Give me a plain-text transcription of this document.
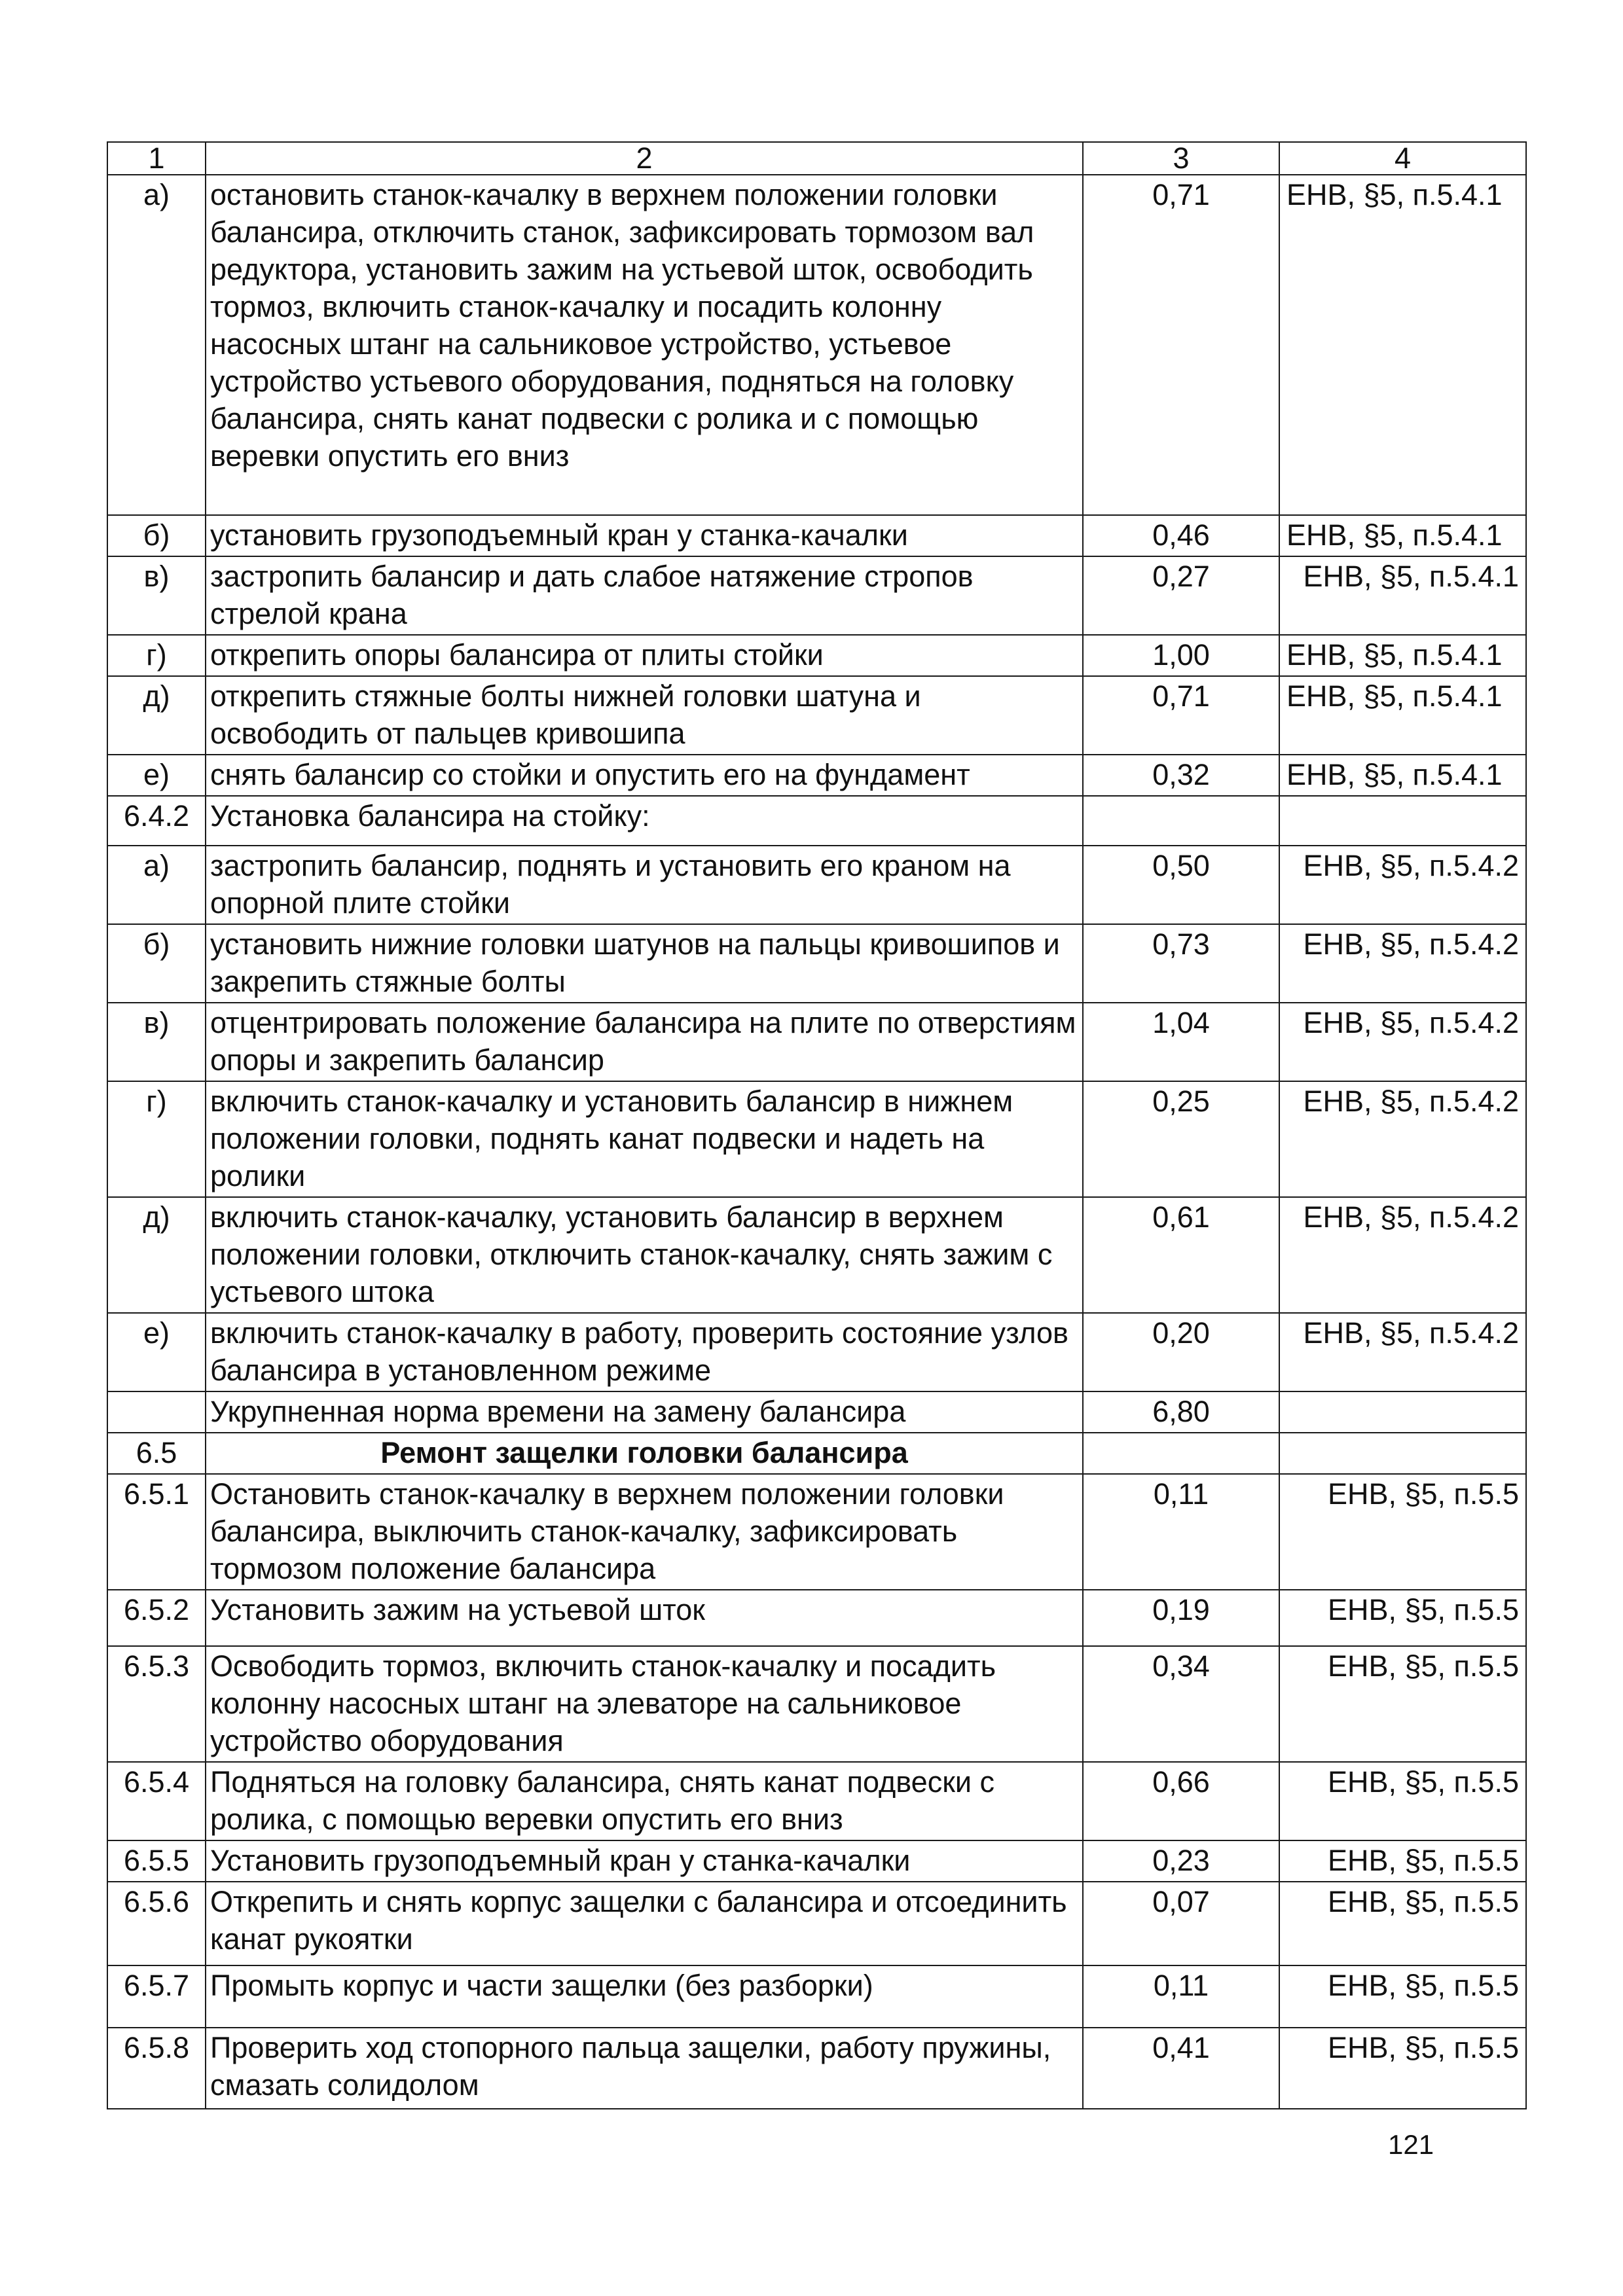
1	2	3	4
а)	остановить станок-качалку в верхнем положении головки балансира, отключить станок, зафиксировать тормозом вал редуктора, установить зажим на устьевой шток, освободить тормоз, включить станок-качалку и посадить колонну насосных штанг на сальниковое устройство, устьевое устройство устьевого оборудования, подняться на головку балансира, снять канат подвески с ролика и с помощью веревки опустить его вниз	0,71	ЕНВ, §5, п.5.4.1
б)	установить грузоподъемный кран у станка-качалки	0,46	ЕНВ, §5, п.5.4.1
в)	застропить балансир и дать слабое натяжение стропов стрелой крана	0,27	ЕНВ, §5, п.5.4.1
г)	открепить опоры балансира от плиты стойки	1,00	ЕНВ, §5, п.5.4.1
д)	открепить стяжные болты нижней головки шатуна и освободить от пальцев кривошипа	0,71	ЕНВ, §5, п.5.4.1
е)	снять балансир со стойки и опустить его на фундамент	0,32	ЕНВ, §5, п.5.4.1
6.4.2	Установка балансира на стойку:		
а)	застропить балансир, поднять и установить его краном на опорной плите стойки	0,50	ЕНВ, §5, п.5.4.2
б)	установить нижние головки шатунов на пальцы кривошипов и закрепить стяжные болты	0,73	ЕНВ, §5, п.5.4.2
в)	отцентрировать положение балансира на плите по отверстиям опоры и закрепить балансир	1,04	ЕНВ, §5, п.5.4.2
г)	включить станок-качалку и установить балансир в нижнем положении головки, поднять канат подвески и надеть на ролики	0,25	ЕНВ, §5, п.5.4.2
д)	включить станок-качалку, установить балансир в верхнем положении головки, отключить станок-качалку, снять зажим с устьевого штока	0,61	ЕНВ, §5, п.5.4.2
е)	включить станок-качалку в работу, проверить состояние узлов балансира в установленном режиме	0,20	ЕНВ, §5, п.5.4.2
	Укрупненная норма времени на замену балансира	6,80	
6.5	Ремонт защелки головки балансира		
6.5.1	Остановить станок-качалку в верхнем положении головки балансира, выключить станок-качалку, зафиксировать тормозом положение балансира	0,11	ЕНВ, §5, п.5.5
6.5.2	Установить зажим на устьевой шток	0,19	ЕНВ, §5, п.5.5
6.5.3	Освободить тормоз, включить станок-качалку и посадить колонну насосных штанг на элеваторе на сальниковое устройство оборудования	0,34	ЕНВ, §5, п.5.5
6.5.4	Подняться на головку балансира, снять канат подвески с ролика, с помощью веревки опустить его вниз	0,66	ЕНВ, §5, п.5.5
6.5.5	Установить грузоподъемный кран у станка-качалки	0,23	ЕНВ, §5, п.5.5
6.5.6	Открепить и снять корпус защелки с балансира и отсоединить канат рукоятки	0,07	ЕНВ, §5, п.5.5
6.5.7	Промыть корпус и части защелки (без разборки)	0,11	ЕНВ, §5, п.5.5
6.5.8	Проверить ход стопорного пальца защелки, работу пружины, смазать солидолом	0,41	ЕНВ, §5, п.5.5
121
